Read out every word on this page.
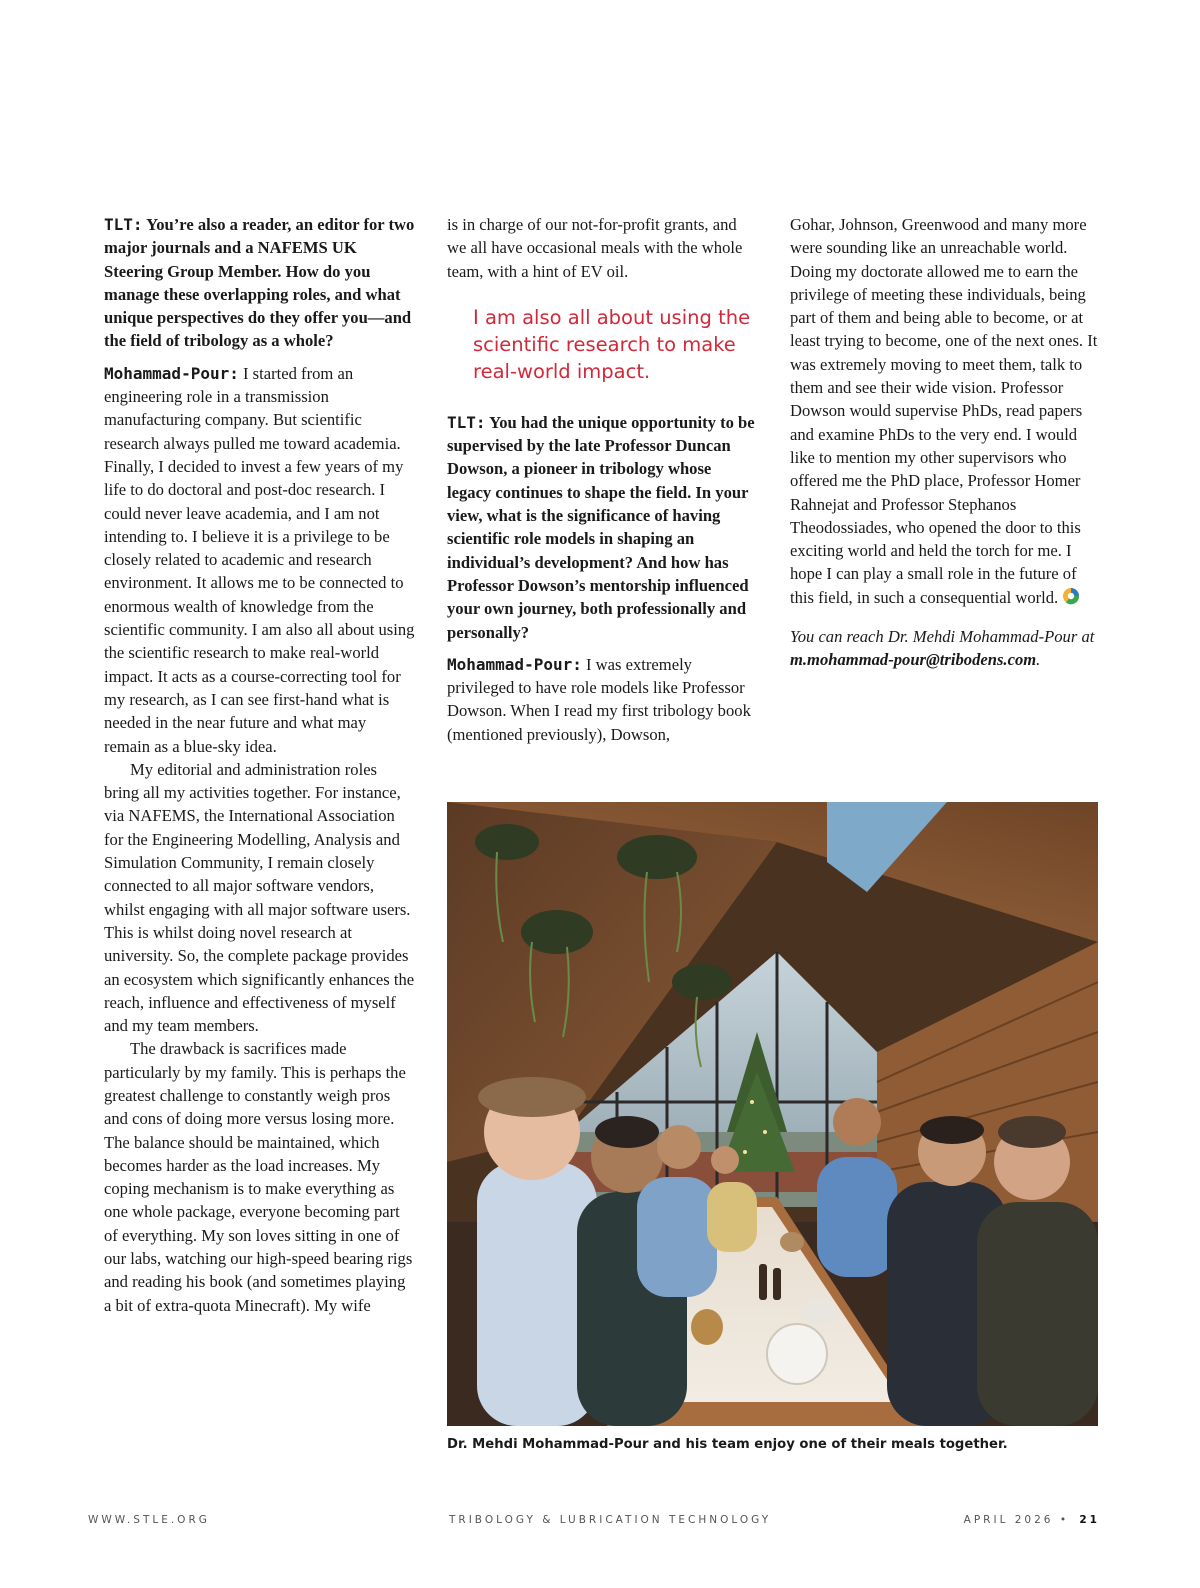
TLT: You’re also a reader, an editor for two major journals and a NAFEMS UK Steering Group Member. How do you manage these overlapping roles, and what unique perspectives do they offer you—and the field of tribology as a whole?

Mohammad-Pour: I started from an engineering role in a transmission manufacturing company. But scientific research always pulled me toward academia. Finally, I decided to invest a few years of my life to do doctoral and post-doc research. I could never leave academia, and I am not intending to. I believe it is a privilege to be closely related to academic and research environment. It allows me to be connected to enormous wealth of knowledge from the scientific community. I am also all about using the scientific research to make real-world impact. It acts as a course-correcting tool for my research, as I can see first-hand what is needed in the near future and what may remain as a blue-sky idea.

My editorial and administration roles bring all my activities together. For instance, via NAFEMS, the International Association for the Engineering Modelling, Analysis and Simulation Community, I remain closely connected to all major software vendors, whilst engaging with all major software users. This is whilst doing novel research at university. So, the complete package provides an ecosystem which significantly enhances the reach, influence and effectiveness of myself and my team members.

The drawback is sacrifices made particularly by my family. This is perhaps the greatest challenge to constantly weigh pros and cons of doing more versus losing more. The balance should be maintained, which becomes harder as the load increases. My coping mechanism is to make everything as one whole package, everyone becoming part of everything. My son loves sitting in one of our labs, watching our high-speed bearing rigs and reading his book (and sometimes playing a bit of extra-quota Minecraft). My wife

is in charge of our not-for-profit grants, and we all have occasional meals with the whole team, with a hint of EV oil.

I am also all about using the scientific research to make real-world impact.

TLT: You had the unique opportunity to be supervised by the late Professor Duncan Dowson, a pioneer in tribology whose legacy continues to shape the field. In your view, what is the significance of having scientific role models in shaping an individual’s development? And how has Professor Dowson’s mentorship influenced your own journey, both professionally and personally?

Mohammad-Pour: I was extremely privileged to have role models like Professor Dowson. When I read my first tribology book (mentioned previously), Dowson,

Gohar, Johnson, Greenwood and many more were sounding like an unreachable world. Doing my doctorate allowed me to earn the privilege of meeting these individuals, being part of them and being able to become, or at least trying to become, one of the next ones. It was extremely moving to meet them, talk to them and see their wide vision. Professor Dowson would supervise PhDs, read papers and examine PhDs to the very end. I would like to mention my other supervisors who offered me the PhD place, Professor Homer Rahnejat and Professor Stephanos Theodossiades, who opened the door to this exciting world and held the torch for me. I hope I can play a small role in the future of this field, in such a consequential world.

You can reach Dr. Mehdi Mohammad-Pour at m.mohammad-pour@tribodens.com.

Dr. Mehdi Mohammad-Pour and his team enjoy one of their meals together.
WWW.STLE.ORG	TRIBOLOGY & LUBRICATION TECHNOLOGY	APRIL 2026 • 21
